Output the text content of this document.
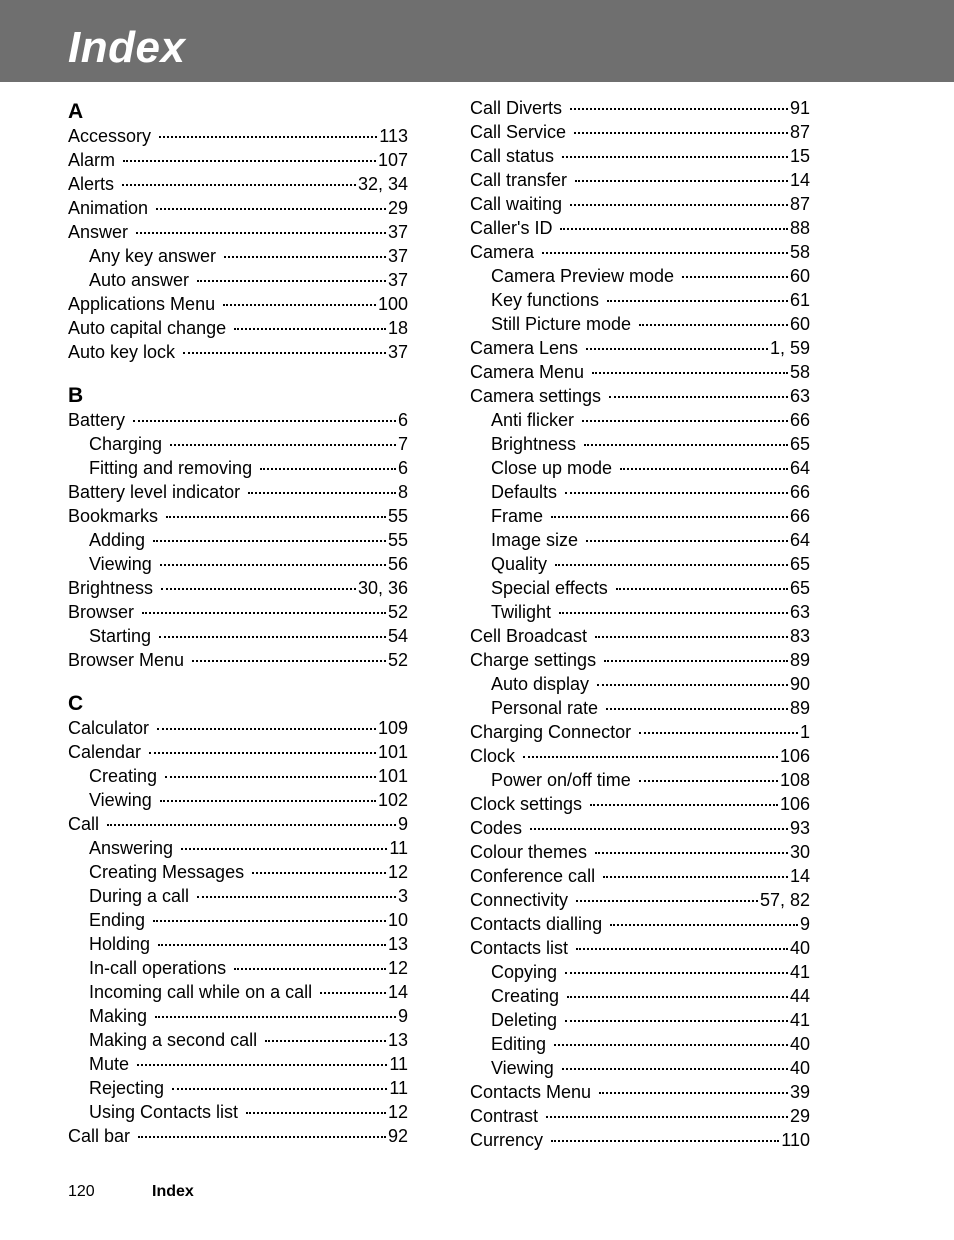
Index
A
Accessory	113
Alarm	107
Alerts	32, 34
Animation	29
Answer	37
Any key answer	37
Auto answer	37
Applications Menu	100
Auto capital change	18
Auto key lock	37
B
Battery	6
Charging	7
Fitting and removing	6
Battery level indicator	8
Bookmarks	55
Adding	55
Viewing	56
Brightness	30, 36
Browser	52
Starting	54
Browser Menu	52
C
Calculator	109
Calendar	101
Creating	101
Viewing	102
Call	9
Answering	11
Creating Messages	12
During a call	3
Ending	10
Holding	13
In-call operations	12
Incoming call while on a call	14
Making	9
Making a second call	13
Mute	11
Rejecting	11
Using Contacts list	12
Call bar	92
Call Diverts	91
Call Service	87
Call status	15
Call transfer	14
Call waiting	87
Caller's ID	88
Camera	58
Camera Preview mode	60
Key functions	61
Still Picture mode	60
Camera Lens	1, 59
Camera Menu	58
Camera settings	63
Anti flicker	66
Brightness	65
Close up mode	64
Defaults	66
Frame	66
Image size	64
Quality	65
Special effects	65
Twilight	63
Cell Broadcast	83
Charge settings	89
Auto display	90
Personal rate	89
Charging Connector	1
Clock	106
Power on/off time	108
Clock settings	106
Codes	93
Colour themes	30
Conference call	14
Connectivity	57, 82
Contacts dialling	9
Contacts list	40
Copying	41
Creating	44
Deleting	41
Editing	40
Viewing	40
Contacts Menu	39
Contrast	29
Currency	110
120	Index
